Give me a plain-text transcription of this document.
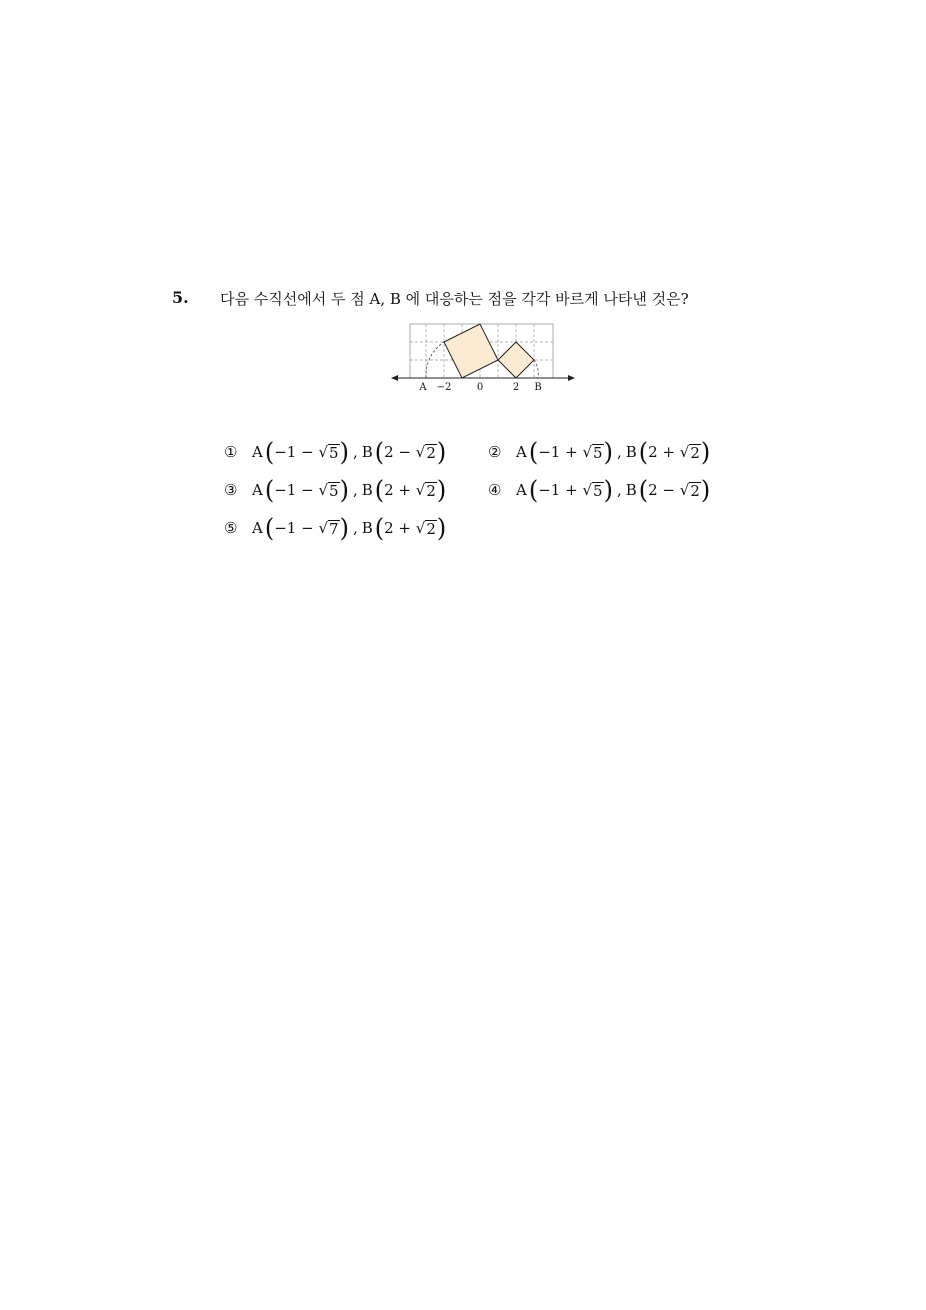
5. 다음 수직선에서 두 점 A, B 에 대응하는 점을 각각 바르게 나타낸 것은?
A −2	0	2 B
① A ( −1 −
√ 5 ) , B ( 2 −
√ 2 )	② A ( −1 +
√ 5 ) , B ( 2 +
√ 2 )
③ A ( −1 −
√ 5 ) , B ( 2 +
√ 2 )	④ A ( −1 +
√ 5 ) , B ( 2 −
√ 2 )
⑤ A ( −1 −
√ 7 ) , B ( 2 +
√ 2 )
